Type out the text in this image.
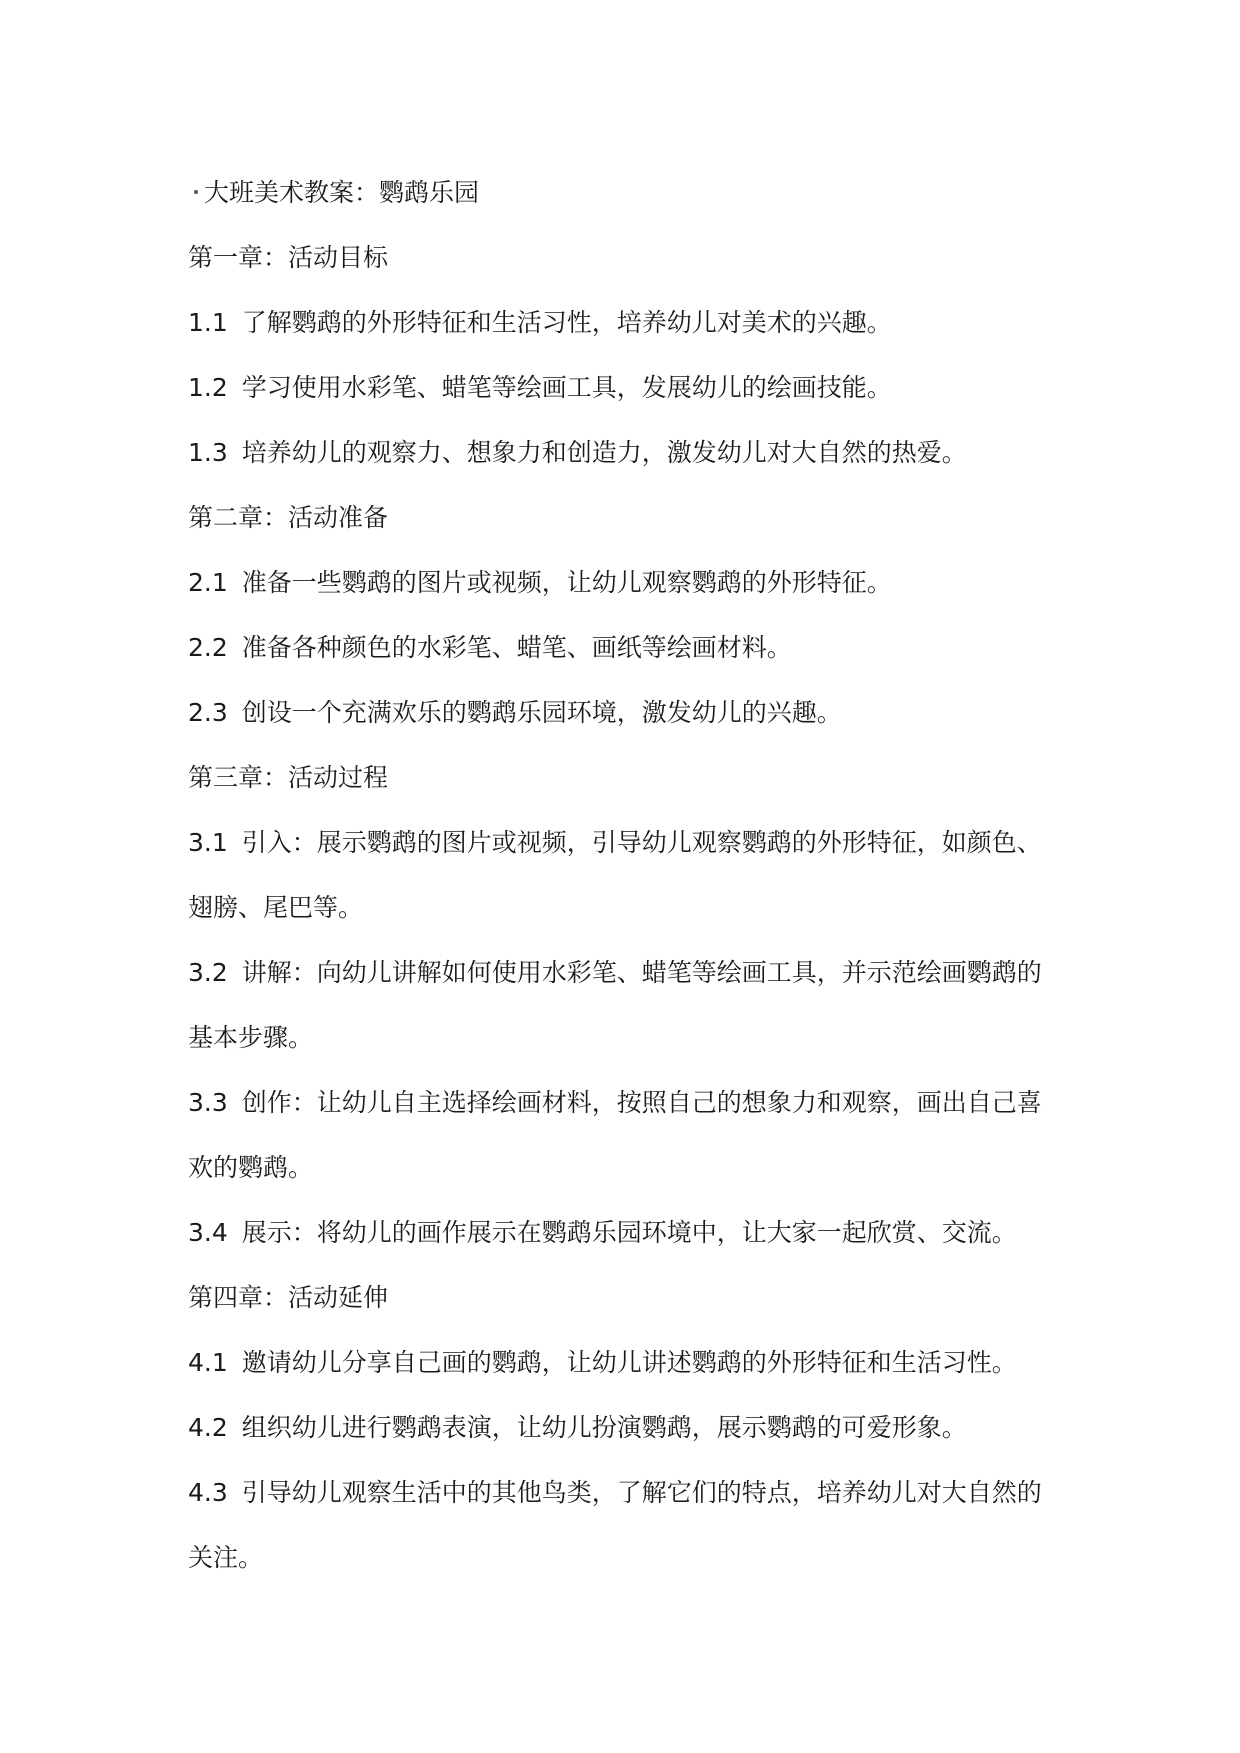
大班美术教案：鹦鹉乐园

第一章：活动目标

1.1 了解鹦鹉的外形特征和生活习性，培养幼儿对美术的兴趣。

1.2 学习使用水彩笔、蜡笔等绘画工具，发展幼儿的绘画技能。

1.3 培养幼儿的观察力、想象力和创造力，激发幼儿对大自然的热爱。

第二章：活动准备

2.1 准备一些鹦鹉的图片或视频，让幼儿观察鹦鹉的外形特征。

2.2 准备各种颜色的水彩笔、蜡笔、画纸等绘画材料。

2.3 创设一个充满欢乐的鹦鹉乐园环境，激发幼儿的兴趣。

第三章：活动过程

3.1 引入：展示鹦鹉的图片或视频，引导幼儿观察鹦鹉的外形特征，如颜色、

翅膀、尾巴等。

3.2 讲解：向幼儿讲解如何使用水彩笔、蜡笔等绘画工具，并示范绘画鹦鹉的

基本步骤。

3.3 创作：让幼儿自主选择绘画材料，按照自己的想象力和观察，画出自己喜

欢的鹦鹉。

3.4 展示：将幼儿的画作展示在鹦鹉乐园环境中，让大家一起欣赏、交流。

第四章：活动延伸

4.1 邀请幼儿分享自己画的鹦鹉，让幼儿讲述鹦鹉的外形特征和生活习性。

4.2 组织幼儿进行鹦鹉表演，让幼儿扮演鹦鹉，展示鹦鹉的可爱形象。

4.3 引导幼儿观察生活中的其他鸟类，了解它们的特点，培养幼儿对大自然的

关注。
